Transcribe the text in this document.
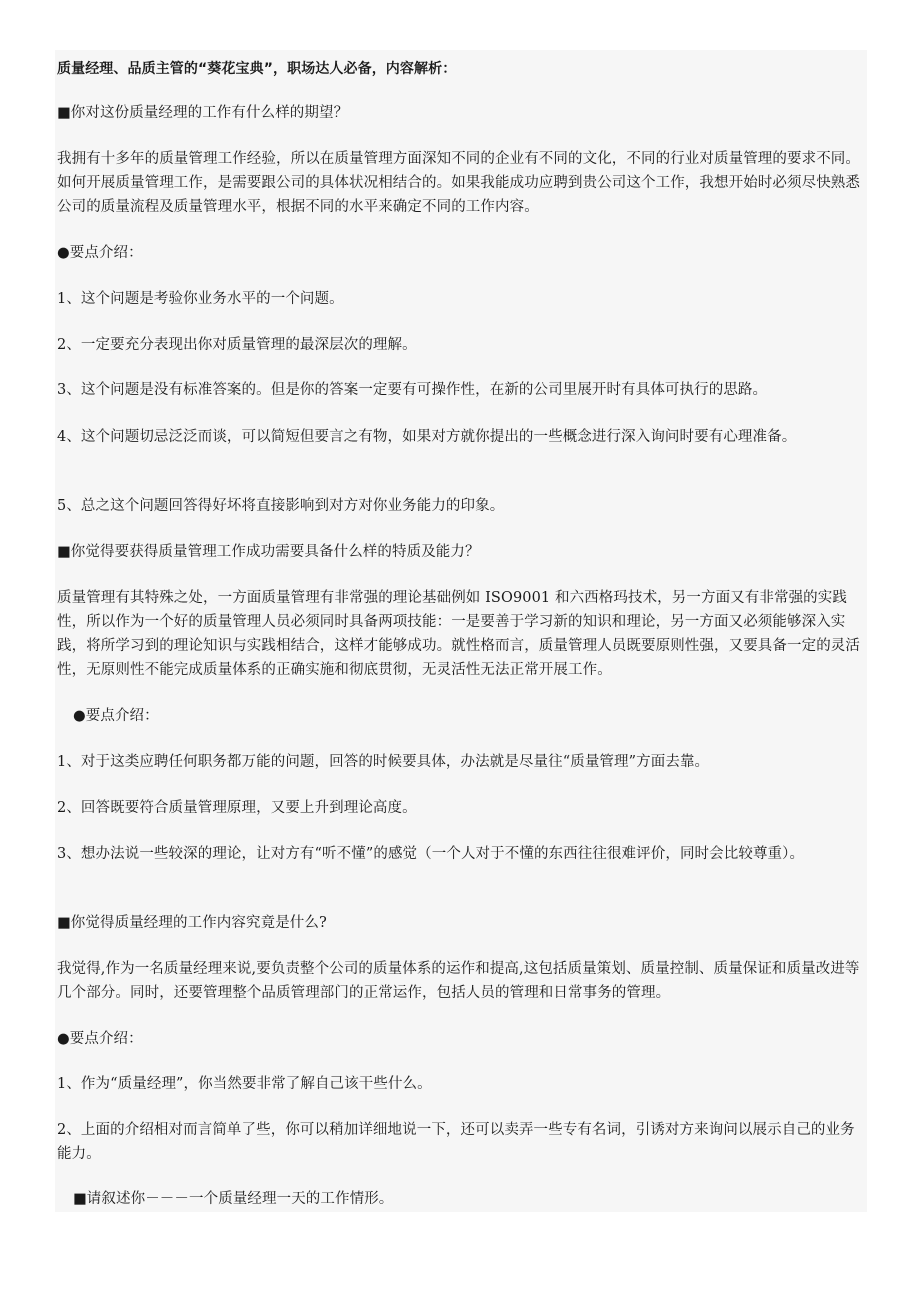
质量经理、品质主管的“葵花宝典”，职场达人必备，内容解析：
■你对这份质量经理的工作有什么样的期望？
我拥有十多年的质量管理工作经验，所以在质量管理方面深知不同的企业有不同的文化，不同的行业对质量管理的要求不同。如何开展质量管理工作，是需要跟公司的具体状况相结合的。如果我能成功应聘到贵公司这个工作，我想开始时必须尽快熟悉公司的质量流程及质量管理水平，根据不同的水平来确定不同的工作内容。
●要点介绍：
1、这个问题是考验你业务水平的一个问题。
2、一定要充分表现出你对质量管理的最深层次的理解。
3、这个问题是没有标准答案的。但是你的答案一定要有可操作性，在新的公司里展开时有具体可执行的思路。
4、这个问题切忌泛泛而谈，可以简短但要言之有物，如果对方就你提出的一些概念进行深入询问时要有心理准备。
5、总之这个问题回答得好坏将直接影响到对方对你业务能力的印象。
■你觉得要获得质量管理工作成功需要具备什么样的特质及能力？
质量管理有其特殊之处，一方面质量管理有非常强的理论基础例如 ISO9001 和六西格玛技术，另一方面又有非常强的实践性，所以作为一个好的质量管理人员必须同时具备两项技能：一是要善于学习新的知识和理论，另一方面又必须能够深入实践，将所学习到的理论知识与实践相结合，这样才能够成功。就性格而言，质量管理人员既要原则性强，又要具备一定的灵活性，无原则性不能完成质量体系的正确实施和彻底贯彻，无灵活性无法正常开展工作。
●要点介绍：
1、对于这类应聘任何职务都万能的问题，回答的时候要具体，办法就是尽量往“质量管理”方面去靠。
2、回答既要符合质量管理原理，又要上升到理论高度。
3、想办法说一些较深的理论，让对方有“听不懂”的感觉（一个人对于不懂的东西往往很难评价，同时会比较尊重）。
■你觉得质量经理的工作内容究竟是什么?
我觉得,作为一名质量经理来说,要负责整个公司的质量体系的运作和提高,这包括质量策划、质量控制、质量保证和质量改进等几个部分。同时，还要管理整个品质管理部门的正常运作，包括人员的管理和日常事务的管理。
●要点介绍：
1、作为“质量经理”，你当然要非常了解自己该干些什么。
2、上面的介绍相对而言简单了些，你可以稍加详细地说一下，还可以卖弄一些专有名词，引诱对方来询问以展示自己的业务能力。
■请叙述你－－－一个质量经理一天的工作情形。
